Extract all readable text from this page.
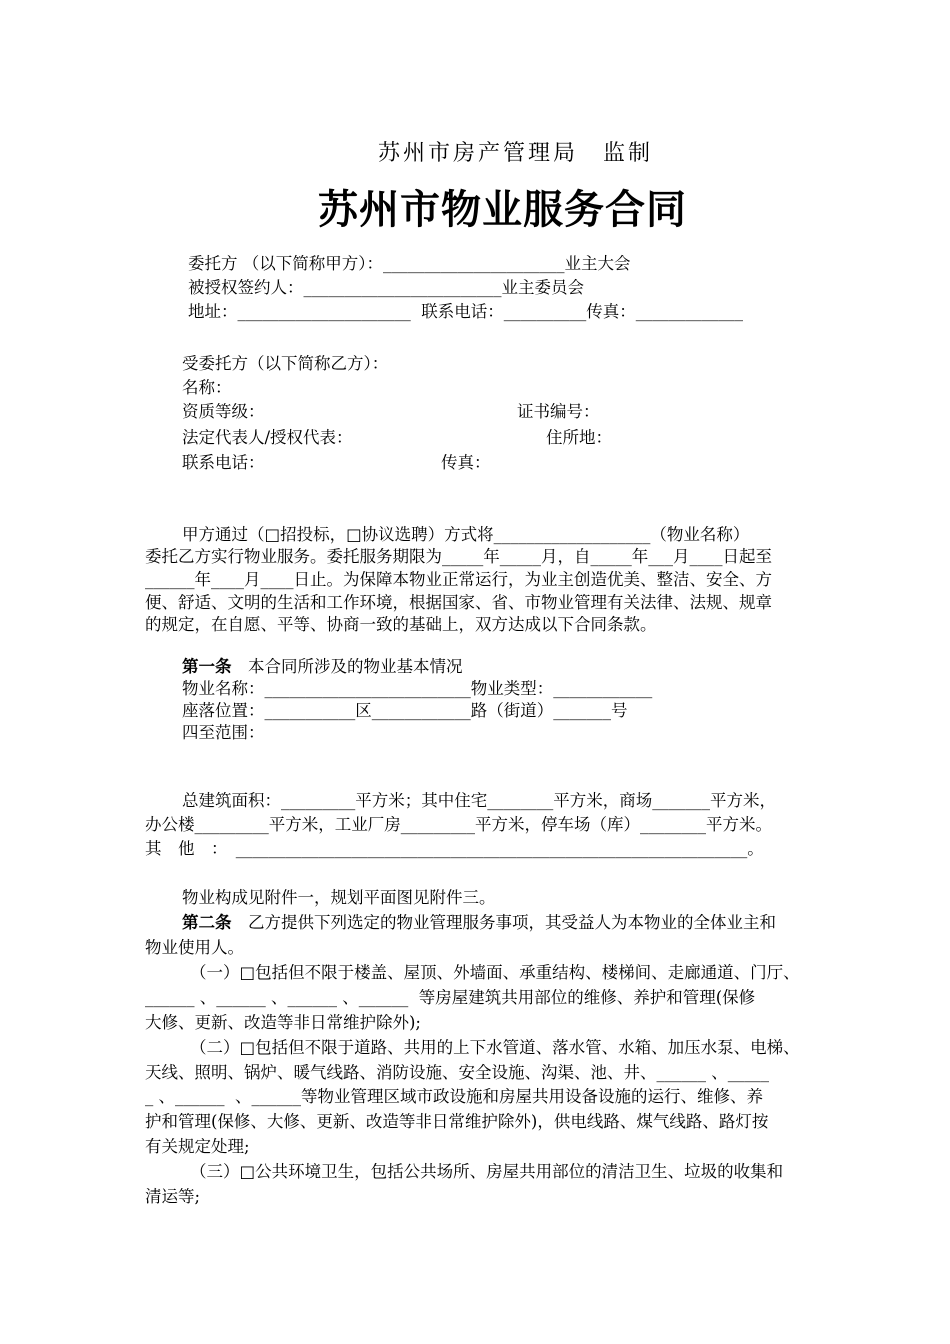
苏州市房产管理局　监制
苏州市物业服务合同
委托方 （以下简称甲方）：______________________业主大会
被授权签约人：________________________业主委员会
地址：_____________________  联系电话：__________传真：_____________
受委托方（以下简称乙方）：
名称：
资质等级：	证书编号：
法定代表人/授权代表：	住所地：
联系电话：	传真：
甲方通过（□招投标，□协议选聘）方式将___________________（物业名称）
委托乙方实行物业服务。委托服务期限为_____年_____月，自_____年___月____日起至
______年____月____日止。为保障本物业正常运行，为业主创造优美、整洁、安全、方
便、舒适、文明的生活和工作环境，根据国家、省、市物业管理有关法律、法规、规章
的规定，在自愿、平等、协商一致的基础上，双方达成以下合同条款。
第一条　本合同所涉及的物业基本情况
物业名称：_________________________物业类型：____________
座落位置：___________区____________路（街道）_______号
四至范围：
总建筑面积：_________平方米；其中住宅________平方米，商场_______平方米，
办公楼_________平方米，工业厂房_________平方米，停车场（库）________平方米。
其　他　：　______________________________________________________________。
物业构成见附件一，规划平面图见附件三。
第二条　乙方提供下列选定的物业管理服务事项，其受益人为本物业的全体业主和
物业使用人。
（一）□包括但不限于楼盖、屋顶、外墙面、承重结构、楼梯间、走廊通道、门厅、
______ 、______ 、______ 、______  等房屋建筑共用部位的维修、养护和管理(保修
大修、更新、改造等非日常维护除外);
（二）□包括但不限于道路、共用的上下水管道、落水管、水箱、加压水泵、电梯、
天线、照明、锅炉、暖气线路、消防设施、安全设施、沟渠、池、井、______ 、_____
_ 、______  、______等物业管理区域市政设施和房屋共用设备设施的运行、维修、养
护和管理(保修、大修、更新、改造等非日常维护除外)，供电线路、煤气线路、路灯按
有关规定处理;
（三）□公共环境卫生，包括公共场所、房屋共用部位的清洁卫生、垃圾的收集和
清运等;
